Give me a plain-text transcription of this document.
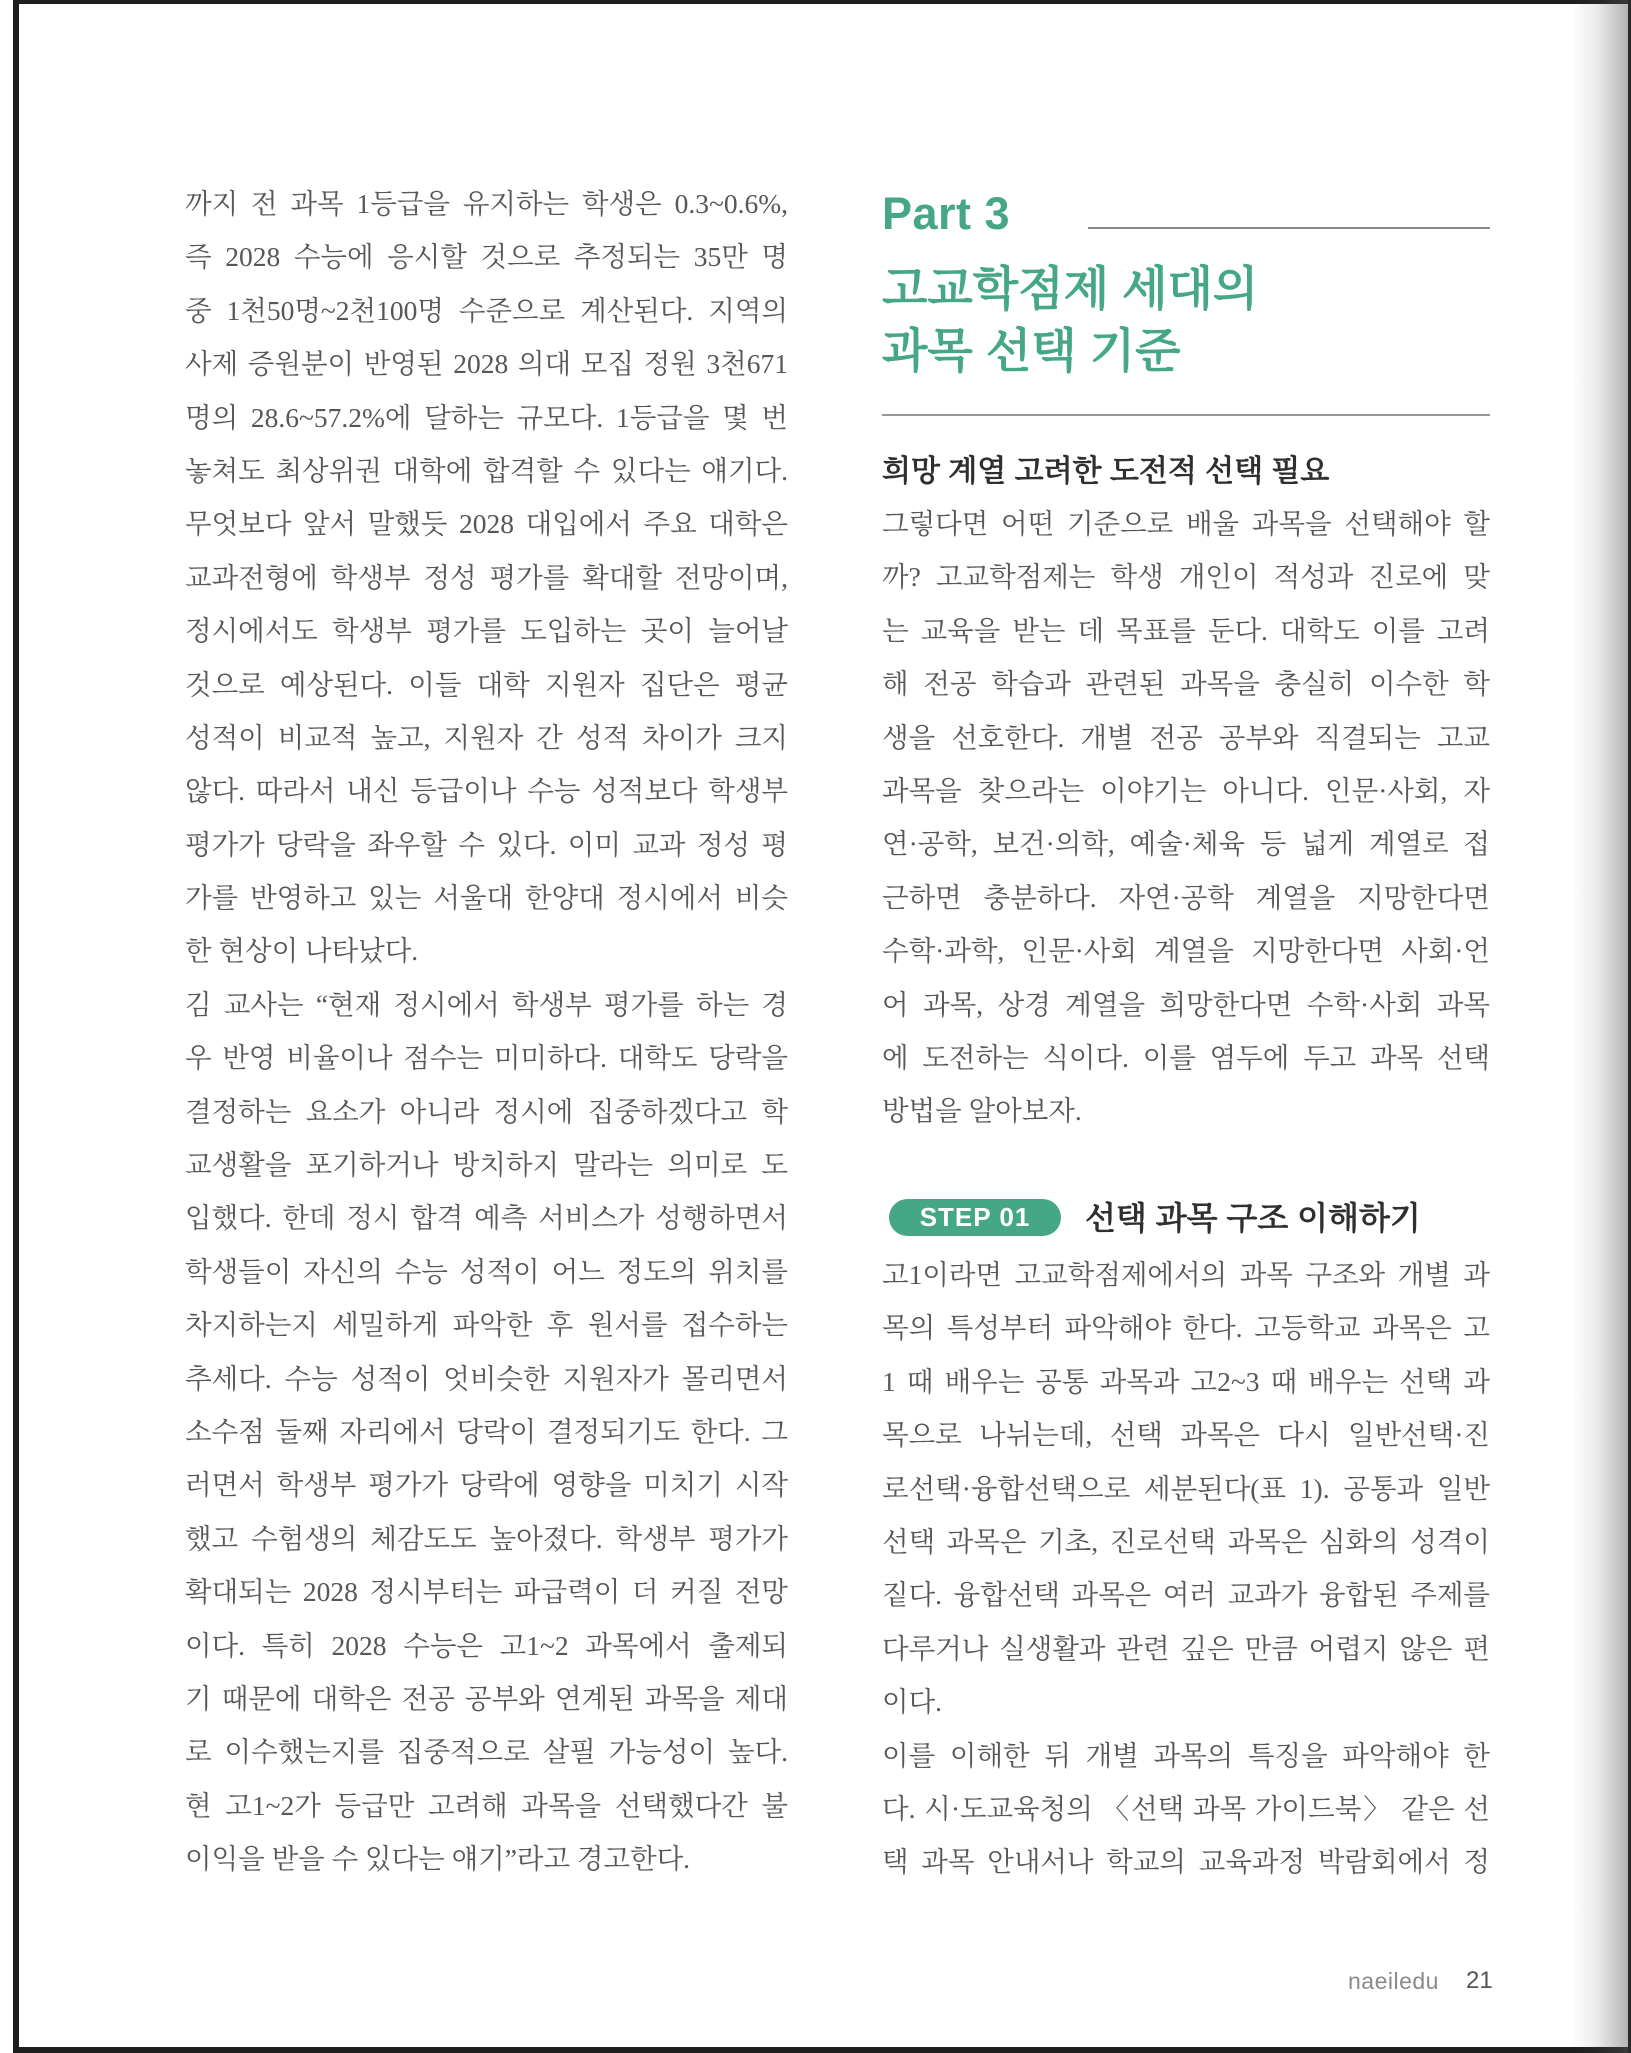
까지 전 과목 1등급을 유지하는 학생은 0.3~0.6%,
즉 2028 수능에 응시할 것으로 추정되는 35만 명
중 1천50명~2천100명 수준으로 계산된다. 지역의
사제 증원분이 반영된 2028 의대 모집 정원 3천671
명의 28.6~57.2%에 달하는 규모다. 1등급을 몇 번
놓쳐도 최상위권 대학에 합격할 수 있다는 얘기다.
무엇보다 앞서 말했듯 2028 대입에서 주요 대학은
교과전형에 학생부 정성 평가를 확대할 전망이며,
정시에서도 학생부 평가를 도입하는 곳이 늘어날
것으로 예상된다. 이들 대학 지원자 집단은 평균
성적이 비교적 높고, 지원자 간 성적 차이가 크지
않다. 따라서 내신 등급이나 수능 성적보다 학생부
평가가 당락을 좌우할 수 있다. 이미 교과 정성 평
가를 반영하고 있는 서울대 한양대 정시에서 비슷
한 현상이 나타났다.
김 교사는 “현재 정시에서 학생부 평가를 하는 경
우 반영 비율이나 점수는 미미하다. 대학도 당락을
결정하는 요소가 아니라 정시에 집중하겠다고 학
교생활을 포기하거나 방치하지 말라는 의미로 도
입했다. 한데 정시 합격 예측 서비스가 성행하면서
학생들이 자신의 수능 성적이 어느 정도의 위치를
차지하는지 세밀하게 파악한 후 원서를 접수하는
추세다. 수능 성적이 엇비슷한 지원자가 몰리면서
소수점 둘째 자리에서 당락이 결정되기도 한다. 그
러면서 학생부 평가가 당락에 영향을 미치기 시작
했고 수험생의 체감도도 높아졌다. 학생부 평가가
확대되는 2028 정시부터는 파급력이 더 커질 전망
이다. 특히 2028 수능은 고1~2 과목에서 출제되
기 때문에 대학은 전공 공부와 연계된 과목을 제대
로 이수했는지를 집중적으로 살필 가능성이 높다.
현 고1~2가 등급만 고려해 과목을 선택했다간 불
이익을 받을 수 있다는 얘기”라고 경고한다.
Part 3
고교학점제 세대의
과목 선택 기준
희망 계열 고려한 도전적 선택 필요
그렇다면 어떤 기준으로 배울 과목을 선택해야 할
까? 고교학점제는 학생 개인이 적성과 진로에 맞
는 교육을 받는 데 목표를 둔다. 대학도 이를 고려
해 전공 학습과 관련된 과목을 충실히 이수한 학
생을 선호한다. 개별 전공 공부와 직결되는 고교
과목을 찾으라는 이야기는 아니다. 인문·사회, 자
연·공학, 보건·의학, 예술·체육 등 넓게 계열로 접
근하면 충분하다. 자연·공학 계열을 지망한다면
수학·과학, 인문·사회 계열을 지망한다면 사회·언
어 과목, 상경 계열을 희망한다면 수학·사회 과목
에 도전하는 식이다. 이를 염두에 두고 과목 선택
방법을 알아보자.
STEP 01 선택 과목 구조 이해하기
고1이라면 고교학점제에서의 과목 구조와 개별 과
목의 특성부터 파악해야 한다. 고등학교 과목은 고
1 때 배우는 공통 과목과 고2~3 때 배우는 선택 과
목으로 나뉘는데, 선택 과목은 다시 일반선택·진
로선택·융합선택으로 세분된다(표 1). 공통과 일반
선택 과목은 기초, 진로선택 과목은 심화의 성격이
짙다. 융합선택 과목은 여러 교과가 융합된 주제를
다루거나 실생활과 관련 깊은 만큼 어렵지 않은 편
이다.
이를 이해한 뒤 개별 과목의 특징을 파악해야 한
다. 시·도교육청의 〈선택 과목 가이드북〉 같은 선
택 과목 안내서나 학교의 교육과정 박람회에서 정
naeiledu 21
